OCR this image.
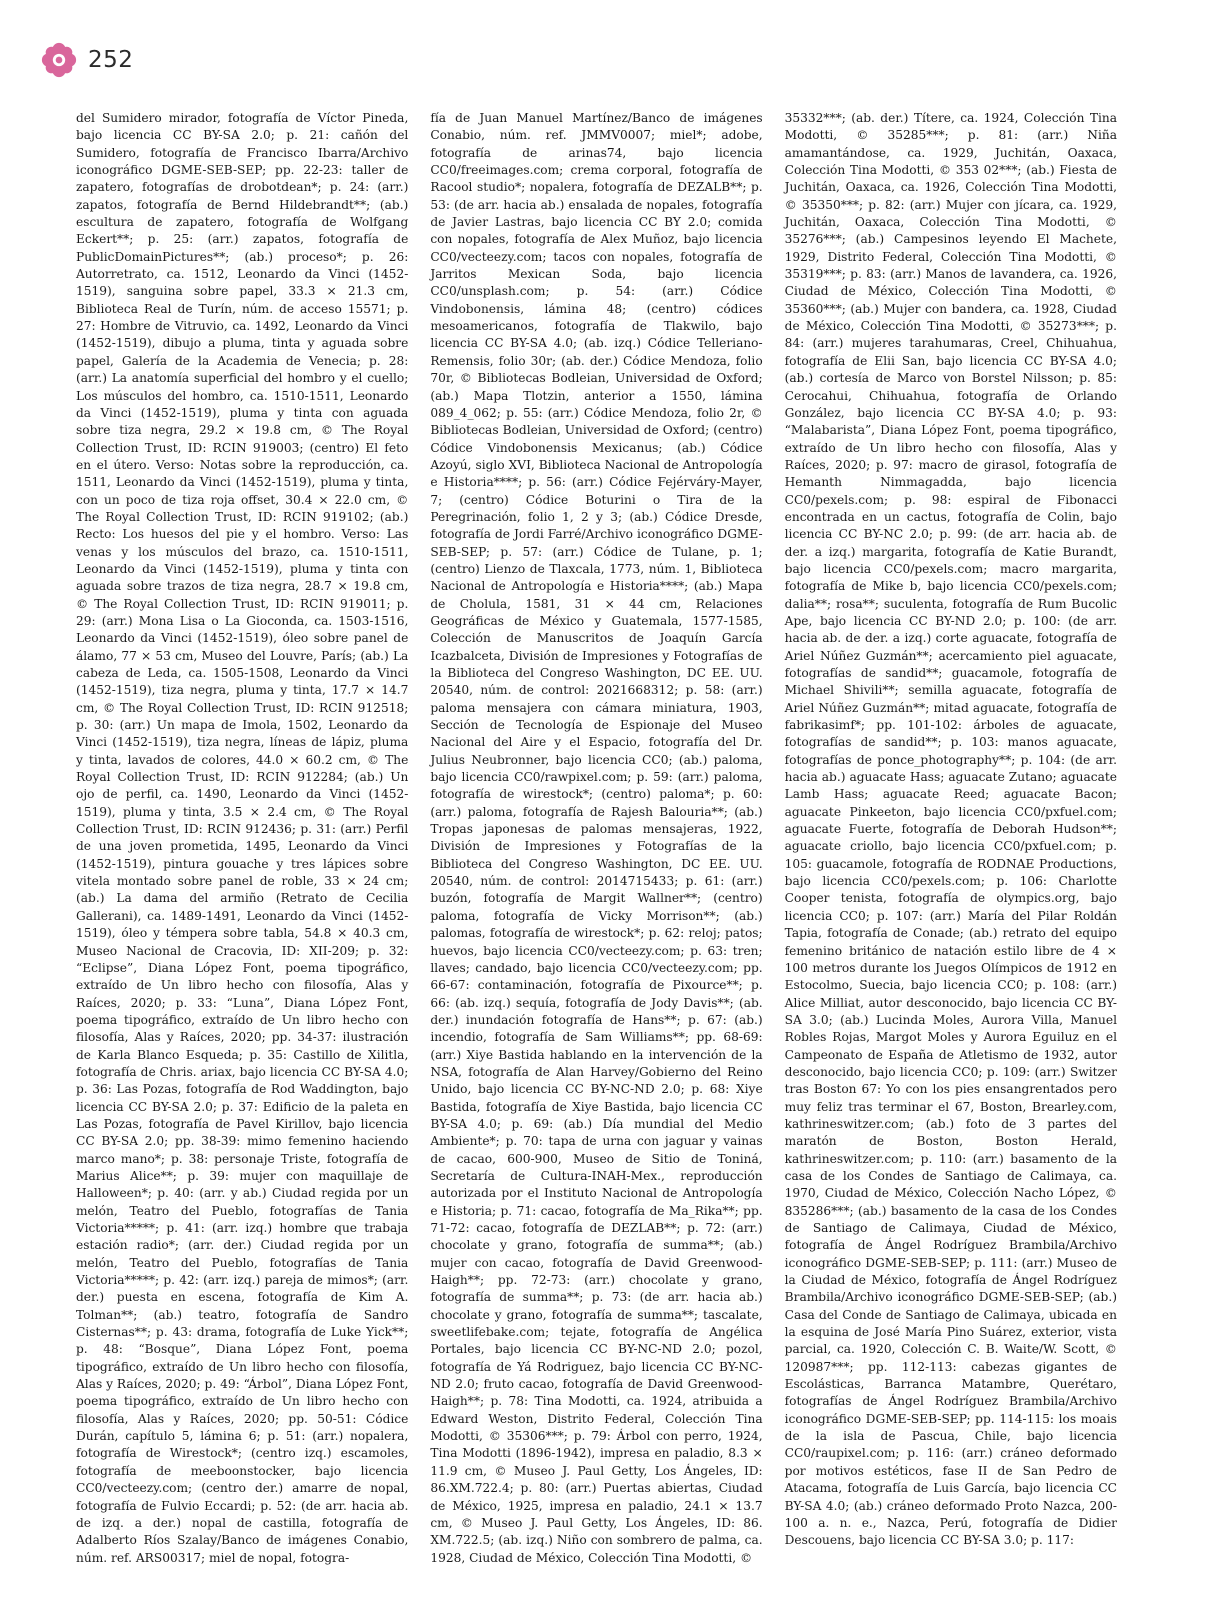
252

del Sumidero mirador, fotografía de Víctor Pineda, bajo licencia CC BY-SA 2.0; p. 21: cañón del Sumidero, fotografía de Francisco Ibarra/Archivo iconográfico DGME-SEB-SEP; pp. 22-23: taller de zapatero, fotografías de drobotdean*; p. 24: (arr.) zapatos, fotografía de Bernd Hildebrandt**; (ab.) escultura de zapatero, fotografía de Wolfgang Eckert**; p. 25: (arr.) zapatos, fotografía de PublicDomainPictures**; (ab.) proceso*; p. 26: Autorretrato, ca. 1512, Leonardo da Vinci (1452-1519), sanguina sobre papel, 33.3 × 21.3 cm, Biblioteca Real de Turín, núm. de acceso 15571; p. 27: Hombre de Vitruvio, ca. 1492, Leonardo da Vinci (1452-1519), dibujo a pluma, tinta y aguada sobre papel, Galería de la Academia de Venecia; p. 28: (arr.) La anatomía superficial del hombro y el cuello; Los músculos del hombro, ca. 1510-1511, Leonardo da Vinci (1452-1519), pluma y tinta con aguada sobre tiza negra, 29.2 × 19.8 cm, © The Royal Collection Trust, ID: RCIN 919003; (centro) El feto en el útero. Verso: Notas sobre la reproducción, ca. 1511, Leonardo da Vinci (1452-1519), pluma y tinta, con un poco de tiza roja offset, 30.4 × 22.0 cm, © The Royal Collection Trust, ID: RCIN 919102; (ab.) Recto: Los huesos del pie y el hombro. Verso: Las venas y los músculos del brazo, ca. 1510-1511, Leonardo da Vinci (1452-1519), pluma y tinta con aguada sobre trazos de tiza negra, 28.7 × 19.8 cm, © The Royal Collection Trust, ID: RCIN 919011; p. 29: (arr.) Mona Lisa o La Gioconda, ca. 1503-1516, Leonardo da Vinci (1452-1519), óleo sobre panel de álamo, 77 × 53 cm, Museo del Louvre, París; (ab.) La cabeza de Leda, ca. 1505-1508, Leonardo da Vinci (1452-1519), tiza negra, pluma y tinta, 17.7 × 14.7 cm, © The Royal Collection Trust, ID: RCIN 912518; p. 30: (arr.) Un mapa de Imola, 1502, Leonardo da Vinci (1452-1519), tiza negra, líneas de lápiz, pluma y tinta, lavados de colores, 44.0 × 60.2 cm, © The Royal Collection Trust, ID: RCIN 912284; (ab.) Un ojo de perfil, ca. 1490, Leonardo da Vinci (1452-1519), pluma y tinta, 3.5 × 2.4 cm, © The Royal Collection Trust, ID: RCIN 912436; p. 31: (arr.) Perfil de una joven prometida, 1495, Leonardo da Vinci (1452-1519), pintura gouache y tres lápices sobre vitela montado sobre panel de roble, 33 × 24 cm; (ab.) La dama del armiño (Retrato de Cecilia Gallerani), ca. 1489-1491, Leonardo da Vinci (1452-1519), óleo y témpera sobre tabla, 54.8 × 40.3 cm, Museo Nacional de Cracovia, ID: XII-209; p. 32: “Eclipse”, Diana López Font, poema tipográfico, extraído de Un libro hecho con filosofía, Alas y Raíces, 2020; p. 33: “Luna”, Diana López Font, poema tipográfico, extraído de Un libro hecho con filosofía, Alas y Raíces, 2020; pp. 34-37: ilustración de Karla Blanco Esqueda; p. 35: Castillo de Xilitla, fotografía de Chris. ariax, bajo licencia CC BY-SA 4.0; p. 36: Las Pozas, fotografía de Rod Waddington, bajo licencia CC BY-SA 2.0; p. 37: Edificio de la paleta en Las Pozas, fotografía de Pavel Kirillov, bajo licencia CC BY-SA 2.0; pp. 38-39: mimo femenino haciendo marco mano*; p. 38: personaje Triste, fotografía de Marius Alice**; p. 39: mujer con maquillaje de Halloween*; p. 40: (arr. y ab.) Ciudad regida por un melón, Teatro del Pueblo, fotografías de Tania Victoria*****; p. 41: (arr. izq.) hombre que trabaja estación radio*; (arr. der.) Ciudad regida por un melón, Teatro del Pueblo, fotografías de Tania Victoria*****; p. 42: (arr. izq.) pareja de mimos*; (arr. der.) puesta en escena, fotografía de Kim A. Tolman**; (ab.) teatro, fotografía de Sandro Cisternas**; p. 43: drama, fotografía de Luke Yick**; p. 48: “Bosque”, Diana López Font, poema tipográfico, extraído de Un libro hecho con filosofía, Alas y Raíces, 2020; p. 49: “Árbol”, Diana López Font, poema tipográfico, extraído de Un libro hecho con filosofía, Alas y Raíces, 2020; pp. 50-51: Códice Durán, capítulo 5, lámina 6; p. 51: (arr.) nopalera, fotografía de Wirestock*; (centro izq.) escamoles, fotografía de meeboonstocker, bajo licencia CC0/vecteezy.com; (centro der.) amarre de nopal, fotografía de Fulvio Eccardi; p. 52: (de arr. hacia ab. de izq. a der.) nopal de castilla, fotografía de Adalberto Ríos Szalay/Banco de imágenes Conabio, núm. ref. ARS00317; miel de nopal, fotogra-

fía de Juan Manuel Martínez/Banco de imágenes Conabio, núm. ref. JMMV0007; miel*; adobe, fotografía de arinas74, bajo licencia CC0/freeimages.com; crema corporal, fotografía de Racool studio*; nopalera, fotografía de DEZALB**; p. 53: (de arr. hacia ab.) ensalada de nopales, fotografía de Javier Lastras, bajo licencia CC BY 2.0; comida con nopales, fotografía de Alex Muñoz, bajo licencia CC0/vecteezy.com; tacos con nopales, fotografía de Jarritos Mexican Soda, bajo licencia CC0/unsplash.com; p. 54: (arr.) Códice Vindobonensis, lámina 48; (centro) códices mesoamericanos, fotografía de Tlakwilo, bajo licencia CC BY-SA 4.0; (ab. izq.) Códice Telleriano-Remensis, folio 30r; (ab. der.) Códice Mendoza, folio 70r, © Bibliotecas Bodleian, Universidad de Oxford; (ab.) Mapa Tlotzin, anterior a 1550, lámina 089_4_062; p. 55: (arr.) Códice Mendoza, folio 2r, © Bibliotecas Bodleian, Universidad de Oxford; (centro) Códice Vindobonensis Mexicanus; (ab.) Códice Azoyú, siglo XVI, Biblioteca Nacional de Antropología e Historia****; p. 56: (arr.) Códice Fejérváry-Mayer, 7; (centro) Códice Boturini o Tira de la Peregrinación, folio 1, 2 y 3; (ab.) Códice Dresde, fotografía de Jordi Farré/Archivo iconográfico DGME-SEB-SEP; p. 57: (arr.) Códice de Tulane, p. 1; (centro) Lienzo de Tlaxcala, 1773, núm. 1, Biblioteca Nacional de Antropología e Historia****; (ab.) Mapa de Cholula, 1581, 31 × 44 cm, Relaciones Geográficas de México y Guatemala, 1577-1585, Colección de Manuscritos de Joaquín García Icazbalceta, División de Impresiones y Fotografías de la Biblioteca del Congreso Washington, DC EE. UU. 20540, núm. de control: 2021668312; p. 58: (arr.) paloma mensajera con cámara miniatura, 1903, Sección de Tecnología de Espionaje del Museo Nacional del Aire y el Espacio, fotografía del Dr. Julius Neubronner, bajo licencia CC0; (ab.) paloma, bajo licencia CC0/rawpixel.com; p. 59: (arr.) paloma, fotografía de wirestock*; (centro) paloma*; p. 60: (arr.) paloma, fotografía de Rajesh Balouria**; (ab.) Tropas japonesas de palomas mensajeras, 1922, División de Impresiones y Fotografías de la Biblioteca del Congreso Washington, DC EE. UU. 20540, núm. de control: 2014715433; p. 61: (arr.) buzón, fotografía de Margit Wallner**; (centro) paloma, fotografía de Vicky Morrison**; (ab.) palomas, fotografía de wirestock*; p. 62: reloj; patos; huevos, bajo licencia CC0/vecteezy.com; p. 63: tren; llaves; candado, bajo licencia CC0/vecteezy.com; pp. 66-67: contaminación, fotografía de Pixource**; p. 66: (ab. izq.) sequía, fotografía de Jody Davis**; (ab. der.) inundación fotografía de Hans**; p. 67: (ab.) incendio, fotografía de Sam Williams**; pp. 68-69: (arr.) Xiye Bastida hablando en la intervención de la NSA, fotografía de Alan Harvey/Gobierno del Reino Unido, bajo licencia CC BY-NC-ND 2.0; p. 68: Xiye Bastida, fotografía de Xiye Bastida, bajo licencia CC BY-SA 4.0; p. 69: (ab.) Día mundial del Medio Ambiente*; p. 70: tapa de urna con jaguar y vainas de cacao, 600-900, Museo de Sitio de Toniná, Secretaría de Cultura-INAH-Mex., reproducción autorizada por el Instituto Nacional de Antropología e Historia; p. 71: cacao, fotografía de Ma_Rika**; pp. 71-72: cacao, fotografía de DEZLAB**; p. 72: (arr.) chocolate y grano, fotografía de summa**; (ab.) mujer con cacao, fotografía de David Greenwood-Haigh**; pp. 72-73: (arr.) chocolate y grano, fotografía de summa**; p. 73: (de arr. hacia ab.) chocolate y grano, fotografía de summa**; tascalate, sweetlifebake.com; tejate, fotografía de Angélica Portales, bajo licencia CC BY-NC-ND 2.0; pozol, fotografía de Yá Rodriguez, bajo licencia CC BY-NC-ND 2.0; fruto cacao, fotografía de David Greenwood-Haigh**; p. 78: Tina Modotti, ca. 1924, atribuida a Edward Weston, Distrito Federal, Colección Tina Modotti, © 35306***; p. 79: Árbol con perro, 1924, Tina Modotti (1896-1942), impresa en paladio, 8.3 × 11.9 cm, © Museo J. Paul Getty, Los Ángeles, ID: 86.XM.722.4; p. 80: (arr.) Puertas abiertas, Ciudad de México, 1925, impresa en paladio, 24.1 × 13.7 cm, © Museo J. Paul Getty, Los Ángeles, ID: 86. XM.722.5; (ab. izq.) Niño con sombrero de palma, ca. 1928, Ciudad de México, Colección Tina Modotti, ©

35332***; (ab. der.) Títere, ca. 1924, Colección Tina Modotti, © 35285***; p. 81: (arr.) Niña amamantándose, ca. 1929, Juchitán, Oaxaca, Colección Tina Modotti, © 353 02***; (ab.) Fiesta de Juchitán, Oaxaca, ca. 1926, Colección Tina Modotti, © 35350***; p. 82: (arr.) Mujer con jícara, ca. 1929, Juchitán, Oaxaca, Colección Tina Modotti, © 35276***; (ab.) Campesinos leyendo El Machete, 1929, Distrito Federal, Colección Tina Modotti, © 35319***; p. 83: (arr.) Manos de lavandera, ca. 1926, Ciudad de México, Colección Tina Modotti, © 35360***; (ab.) Mujer con bandera, ca. 1928, Ciudad de México, Colección Tina Modotti, © 35273***; p. 84: (arr.) mujeres tarahumaras, Creel, Chihuahua, fotografía de Elii San, bajo licencia CC BY-SA 4.0; (ab.) cortesía de Marco von Borstel Nilsson; p. 85: Cerocahui, Chihuahua, fotografía de Orlando González, bajo licencia CC BY-SA 4.0; p. 93: “Malabarista”, Diana López Font, poema tipográfico, extraído de Un libro hecho con filosofía, Alas y Raíces, 2020; p. 97: macro de girasol, fotografía de Hemanth Nimmagadda, bajo licencia CC0/pexels.com; p. 98: espiral de Fibonacci encontrada en un cactus, fotografía de Colin, bajo licencia CC BY-NC 2.0; p. 99: (de arr. hacia ab. de der. a izq.) margarita, fotografía de Katie Burandt, bajo licencia CC0/pexels.com; macro margarita, fotografía de Mike b, bajo licencia CC0/pexels.com; dalia**; rosa**; suculenta, fotografía de Rum Bucolic Ape, bajo licencia CC BY-ND 2.0; p. 100: (de arr. hacia ab. de der. a izq.) corte aguacate, fotografía de Ariel Núñez Guzmán**; acercamiento piel aguacate, fotografías de sandid**; guacamole, fotografía de Michael Shivili**; semilla aguacate, fotografía de Ariel Núñez Guzmán**; mitad aguacate, fotografía de fabrikasimf*; pp. 101-102: árboles de aguacate, fotografías de sandid**; p. 103: manos aguacate, fotografías de ponce_photography**; p. 104: (de arr. hacia ab.) aguacate Hass; aguacate Zutano; aguacate Lamb Hass; aguacate Reed; aguacate Bacon; aguacate Pinkeeton, bajo licencia CC0/pxfuel.com; aguacate Fuerte, fotografía de Deborah Hudson**; aguacate criollo, bajo licencia CC0/pxfuel.com; p. 105: guacamole, fotografía de RODNAE Productions, bajo licencia CC0/pexels.com; p. 106: Charlotte Cooper tenista, fotografía de olympics.org, bajo licencia CC0; p. 107: (arr.) María del Pilar Roldán Tapia, fotografía de Conade; (ab.) retrato del equipo femenino británico de natación estilo libre de 4 × 100 metros durante los Juegos Olímpicos de 1912 en Estocolmo, Suecia, bajo licencia CC0; p. 108: (arr.) Alice Milliat, autor desconocido, bajo licencia CC BY-SA 3.0; (ab.) Lucinda Moles, Aurora Villa, Manuel Robles Rojas, Margot Moles y Aurora Eguiluz en el Campeonato de España de Atletismo de 1932, autor desconocido, bajo licencia CC0; p. 109: (arr.) Switzer tras Boston 67: Yo con los pies ensangrentados pero muy feliz tras terminar el 67, Boston, Brearley.com, kathrineswitzer.com; (ab.) foto de 3 partes del maratón de Boston, Boston Herald, kathrineswitzer.com; p. 110: (arr.) basamento de la casa de los Condes de Santiago de Calimaya, ca. 1970, Ciudad de México, Colección Nacho López, © 835286***; (ab.) basamento de la casa de los Condes de Santiago de Calimaya, Ciudad de México, fotografía de Ángel Rodríguez Brambila/Archivo iconográfico DGME-SEB-SEP; p. 111: (arr.) Museo de la Ciudad de México, fotografía de Ángel Rodríguez Brambila/Archivo iconográfico DGME-SEB-SEP; (ab.) Casa del Conde de Santiago de Calimaya, ubicada en la esquina de José María Pino Suárez, exterior, vista parcial, ca. 1920, Colección C. B. Waite/W. Scott, © 120987***; pp. 112-113: cabezas gigantes de Escolásticas, Barranca Matambre, Querétaro, fotografías de Ángel Rodríguez Brambila/Archivo iconográfico DGME-SEB-SEP; pp. 114-115: los moais de la isla de Pascua, Chile, bajo licencia CC0/raupixel.com; p. 116: (arr.) cráneo deformado por motivos estéticos, fase II de San Pedro de Atacama, fotografía de Luis García, bajo licencia CC BY-SA 4.0; (ab.) cráneo deformado Proto Nazca, 200-100 a. n. e., Nazca, Perú, fotografía de Didier Descouens, bajo licencia CC BY-SA 3.0; p. 117:
